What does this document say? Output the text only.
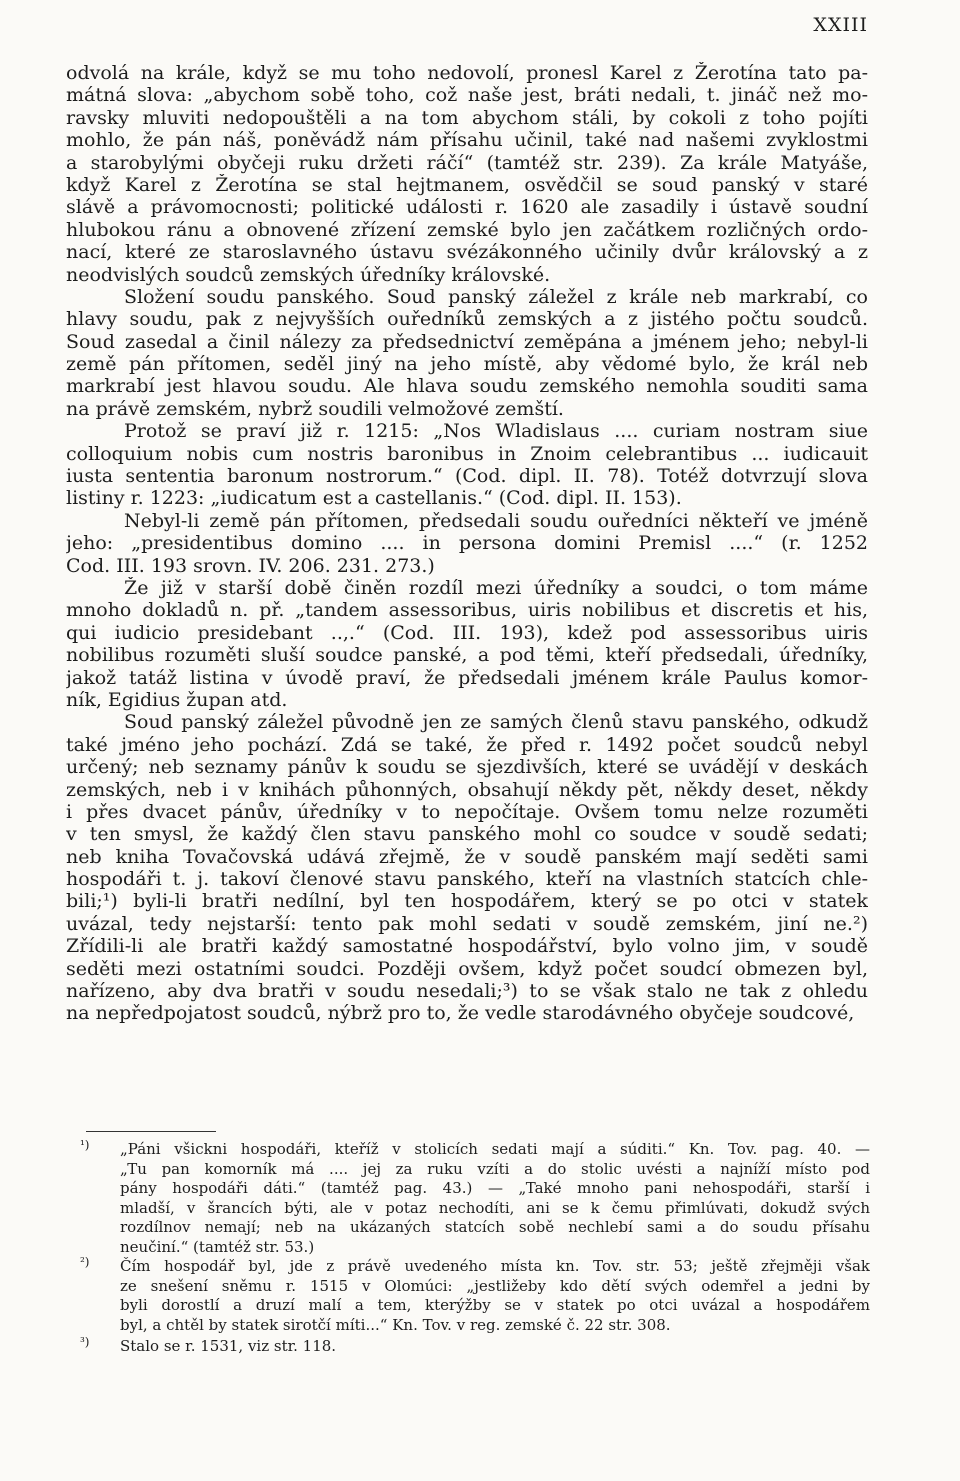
XXIII
odvolá na krále, když se mu toho nedovolí, pronesl Karel z Žerotína tato pa-
mátná slova: „abychom sobě toho, což naše jest, bráti nedali, t. jináč než mo-
ravsky mluviti nedopouštěli a na tom abychom stáli, by cokoli z toho pojíti
mohlo, že pán náš, poněvádž nám přísahu učinil, také nad našemi zvyklostmi
a starobylými obyčeji ruku držeti ráčí“ (tamtéž str. 239). Za krále Matyáše,
když Karel z Žerotína se stal hejtmanem, osvědčil se soud panský v staré
slávě a právomocnosti; politické události r. 1620 ale zasadily i ústavě soudní
hlubokou ránu a obnovené zřízení zemské bylo jen začátkem rozličných ordo-
nací, které ze staroslavného ústavu svézákonného učinily dvůr královský a z
neodvislých soudců zemských úředníky královské.
Složení soudu panského. Soud panský záležel z krále neb markrabí, co
hlavy soudu, pak z nejvyšších ouředníků zemských a z jistého počtu soudců.
Soud zasedal a činil nálezy za předsednictví zeměpána a jménem jeho; nebyl-li
země pán přítomen, seděl jiný na jeho místě, aby vědomé bylo, že král neb
markrabí jest hlavou soudu. Ale hlava soudu zemského nemohla souditi sama
na právě zemském, nybrž soudili velmožové zemští.
Protož se praví již r. 1215: „Nos Wladislaus .... curiam nostram siue
colloquium nobis cum nostris baronibus in Znoim celebrantibus ... iudicauit
iusta sententia baronum nostrorum.“ (Cod. dipl. II. 78). Totéž dotvrzují slova
listiny r. 1223: „iudicatum est a castellanis.“ (Cod. dipl. II. 153).
Nebyl-li země pán přítomen, předsedali soudu ouředníci někteří ve jméně
jeho: „presidentibus domino .... in persona domini Premisl ....“ (r. 1252
Cod. III. 193 srovn. IV. 206. 231. 273.)
Že již v starší době činěn rozdíl mezi úředníky a soudci, o tom máme
mnoho dokladů n. př. „tandem assessoribus, uiris nobilibus et discretis et his,
qui iudicio presidebant ..,.“ (Cod. III. 193), kdež pod assessoribus uiris
nobilibus rozuměti sluší soudce panské, a pod těmi, kteří předsedali, úředníky,
jakož tatáž listina v úvodě praví, že předsedali jménem krále Paulus komor-
ník, Egidius župan atd.
Soud panský záležel původně jen ze samých členů stavu panského, odkudž
také jméno jeho pochází. Zdá se také, že před r. 1492 počet soudců nebyl
určený; neb seznamy pánův k soudu se sjezdivších, které se uvádějí v deskách
zemských, neb i v knihách půhonných, obsahují někdy pět, někdy deset, někdy
i přes dvacet pánův, úředníky v to nepočítaje. Ovšem tomu nelze rozuměti
v ten smysl, že každý člen stavu panského mohl co soudce v soudě sedati;
neb kniha Tovačovská udává zřejmě, že v soudě panském mají seděti sami
hospodáři t. j. takoví členové stavu panského, kteří na vlastních statcích chle-
bili;¹) byli-li bratři nedílní, byl ten hospodářem, který se po otci v statek
uvázal, tedy nejstarší: tento pak mohl sedati v soudě zemském, jiní ne.²)
Zřídili-li ale bratři každý samostatné hospodářství, bylo volno jim, v soudě
seděti mezi ostatními soudci. Později ovšem, když počet soudcí obmezen byl,
nařízeno, aby dva bratři v soudu nesedali;³) to se však stalo ne tak z ohledu
na nepředpojatost soudců, nýbrž pro to, že vedle starodávného obyčeje soudcové,
¹) „Páni všickni hospodáři, kteříž v stolicích sedati mají a súditi.“ Kn. Tov. pag. 40. —
„Tu pan komorník má .... jej za ruku vzíti a do stolic uvésti a najníží místo pod
pány hospodáři dáti.“ (tamtéž pag. 43.) — „Také mnoho pani nehospodáři, starší i
mladší, v šrancích býti, ale v potaz nechodíti, ani se k čemu přimlúvati, dokudž svých
rozdílnov nemají; neb na ukázaných statcích sobě nechlebí sami a do soudu přísahu
neučiní.“ (tamtéž str. 53.)
²) Čím hospodář byl, jde z právě uvedeného místa kn. Tov. str. 53; ještě zřejměji však
ze snešení sněmu r. 1515 v Olomúci: „jestližeby kdo dětí svých odemřel a jedni by
byli dorostlí a druzí malí a tem, kterýžby se v statek po otci uvázal a hospodářem
byl, a chtěl by statek sirotčí míti...“ Kn. Tov. v reg. zemské č. 22 str. 308.
³) Stalo se r. 1531, viz str. 118.
